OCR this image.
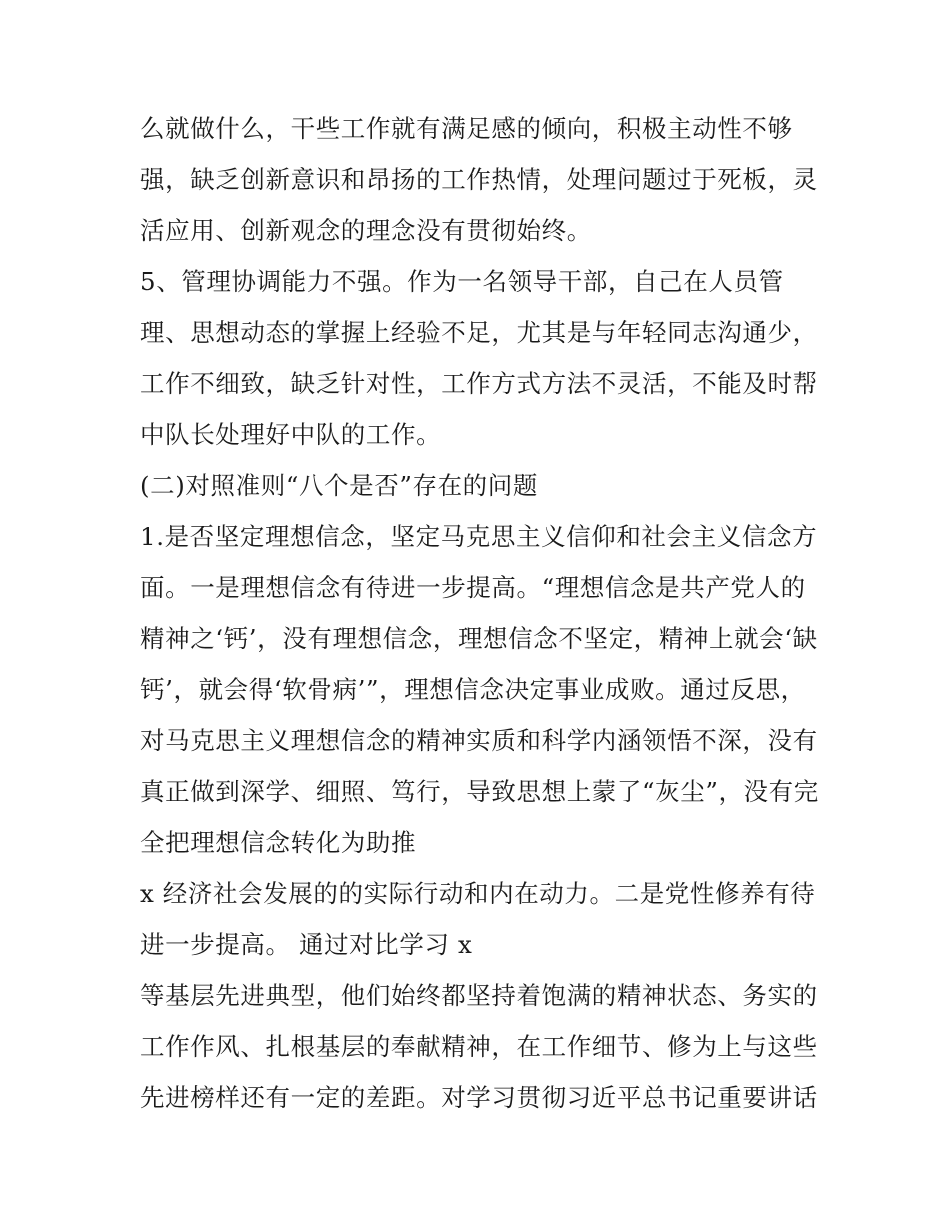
么就做什么，干些工作就有满足感的倾向，积极主动性不够
强，缺乏创新意识和昂扬的工作热情，处理问题过于死板，灵
活应用、创新观念的理念没有贯彻始终。
5、管理协调能力不强。作为一名领导干部，自己在人员管
理、思想动态的掌握上经验不足，尤其是与年轻同志沟通少，
工作不细致，缺乏针对性，工作方式方法不灵活，不能及时帮
中队长处理好中队的工作。
(二)对照准则“八个是否”存在的问题
1.是否坚定理想信念，坚定马克思主义信仰和社会主义信念方
面。一是理想信念有待进一步提高。“理想信念是共产党人的
精神之‘钙’，没有理想信念，理想信念不坚定，精神上就会‘缺
钙’，就会得‘软骨病’”，理想信念决定事业成败。通过反思，
对马克思主义理想信念的精神实质和科学内涵领悟不深，没有
真正做到深学、细照、笃行，导致思想上蒙了“灰尘”，没有完
全把理想信念转化为助推
x 经济社会发展的的实际行动和内在动力。二是党性修养有待
进一步提高。 通过对比学习 x
等基层先进典型，他们始终都坚持着饱满的精神状态、务实的
工作作风、扎根基层的奉献精神，在工作细节、修为上与这些
先进榜样还有一定的差距。对学习贯彻习近平总书记重要讲话
